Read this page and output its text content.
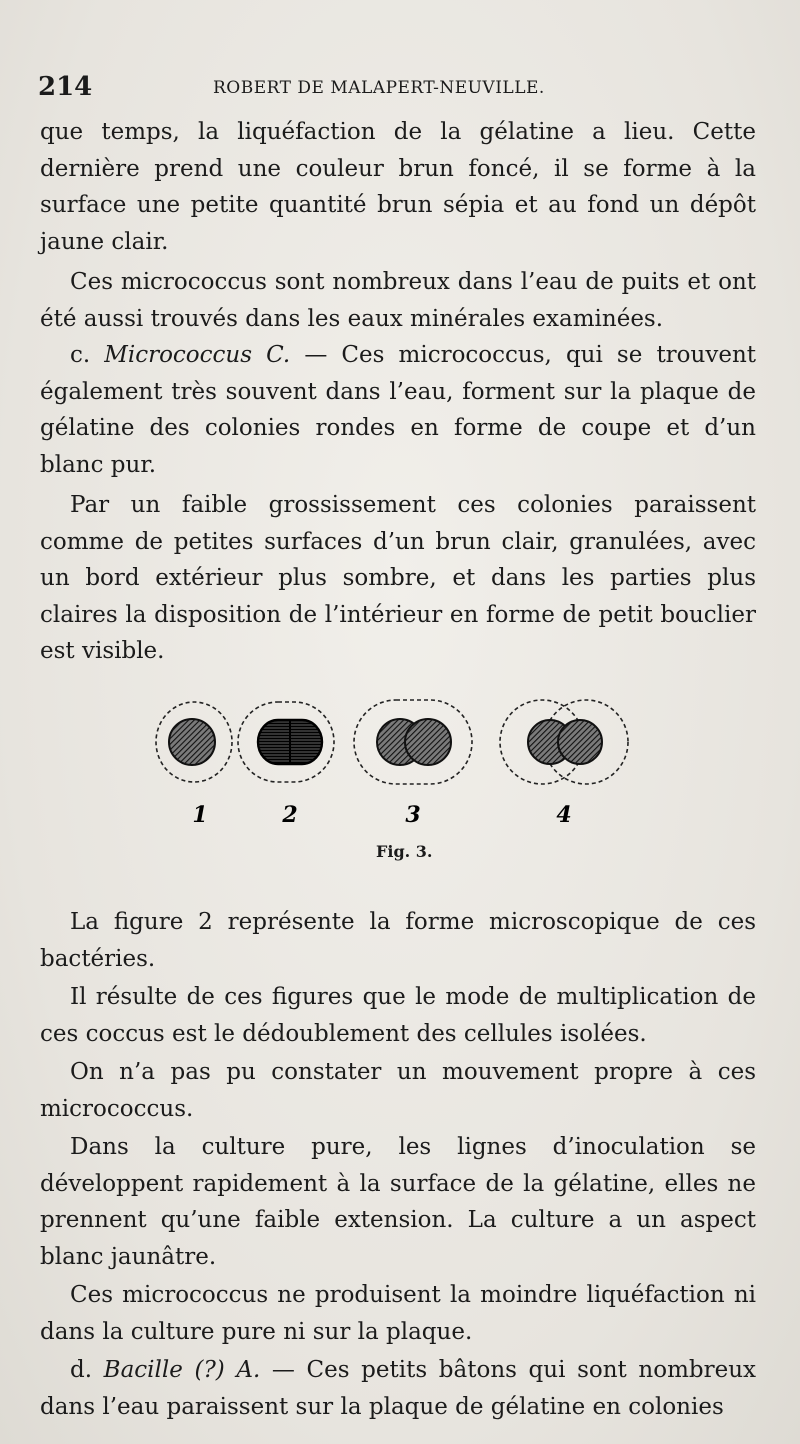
214	ROBERT DE MALAPERT-NEUVILLE.

que temps, la liquéfaction de la gélatine a lieu. Cette dernière prend une couleur brun foncé, il se forme à la surface une petite quantité brun sépia et au fond un dépôt jaune clair.

Ces micrococcus sont nombreux dans l’eau de puits et ont été aussi trouvés dans les eaux minérales examinées.

c. Micrococcus C. — Ces micrococcus, qui se trouvent également très souvent dans l’eau, forment sur la plaque de gélatine des colonies rondes en forme de coupe et d’un blanc pur.

Par un faible grossissement ces colonies paraissent comme de petites surfaces d’un brun clair, granulées, avec un bord extérieur plus sombre, et dans les parties plus claires la disposition de l’intérieur en forme de petit bouclier est visible.

1	2	3	4
Fig. 3.

La figure 2 représente la forme microscopique de ces bactéries.

Il résulte de ces figures que le mode de multiplication de ces coccus est le dédoublement des cellules isolées.

On n’a pas pu constater un mouvement propre à ces micrococcus.

Dans la culture pure, les lignes d’inoculation se développent rapidement à la surface de la gélatine, elles ne prennent qu’une faible extension. La culture a un aspect blanc jaunâtre.

Ces micrococcus ne produisent la moindre liquéfaction ni dans la culture pure ni sur la plaque.

d. Bacille (?) A. — Ces petits bâtons qui sont nombreux dans l’eau paraissent sur la plaque de gélatine en colonies
